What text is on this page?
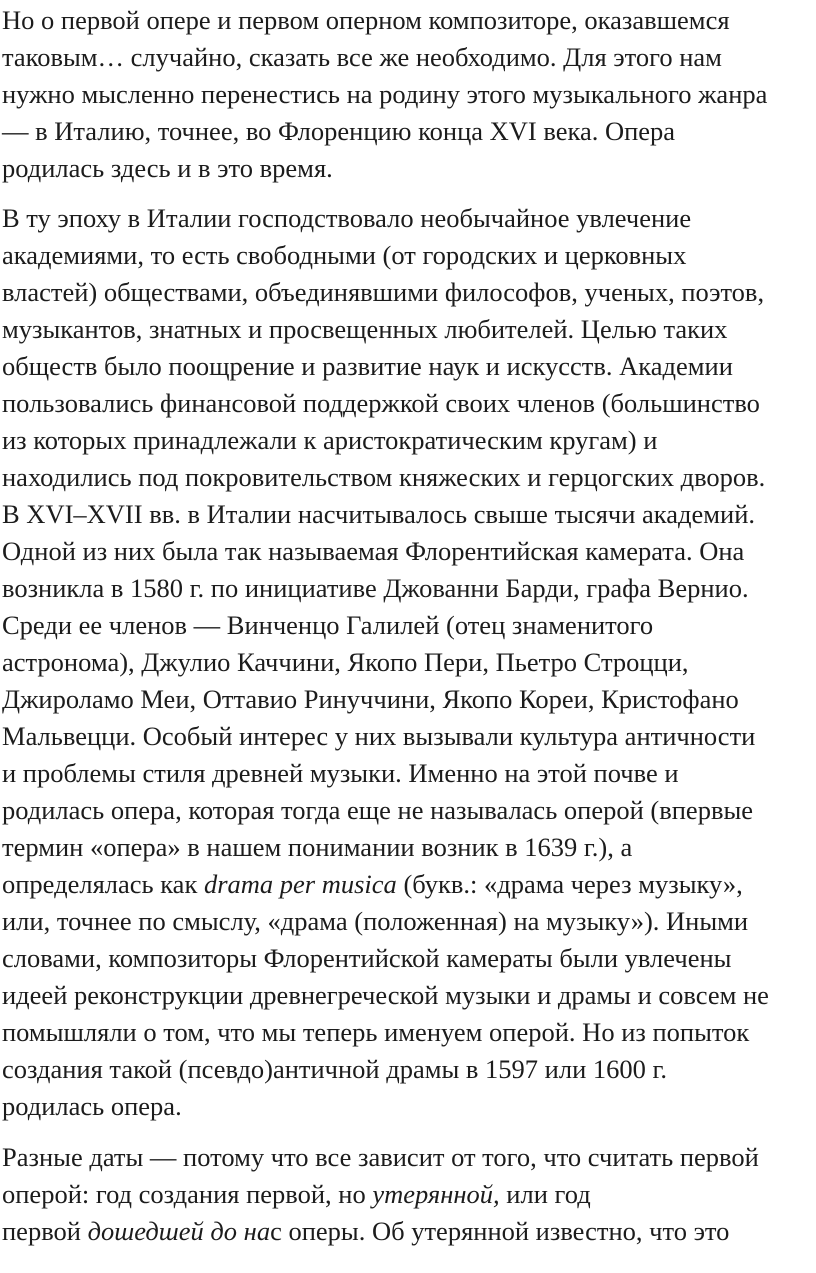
Но о первой опере и первом оперном композиторе, оказавшемся

таковым… случайно, сказать все же необходимо. Для этого нам

нужно мысленно перенестись на родину этого музыкального жанра

— в Италию, точнее, во Флоренцию конца XVI века. Опера

родилась здесь и в это время.

В ту эпоху в Италии господствовало необычайное увлечение

академиями, то есть свободными (от городских и церковных

властей) обществами, объединявшими философов, ученых, поэтов,

музыкантов, знатных и просвещенных любителей. Целью таких

обществ было поощрение и развитие наук и искусств. Академии

пользовались финансовой поддержкой своих членов (большинство

из которых принадлежали к аристократическим кругам) и

находились под покровительством княжеских и герцогских дворов.

В XVI–XVII вв. в Италии насчитывалось свыше тысячи академий.

Одной из них была так называемая Флорентийская камерата. Она

возникла в 1580 г. по инициативе Джованни Барди, графа Вернио.

Среди ее членов — Винченцо Галилей (отец знаменитого

астронома), Джулио Каччини, Якопо Пери, Пьетро Строцци,

Джироламо Меи, Оттавио Ринуччини, Якопо Кореи, Кристофано

Мальвецци. Особый интерес у них вызывали культура античности

и проблемы стиля древней музыки. Именно на этой почве и

родилась опера, которая тогда еще не называлась оперой (впервые

термин «опера» в нашем понимании возник в 1639 г.), а

определялась как drama per musica (букв.: «драма через музыку»,

или, точнее по смыслу, «драма (положенная) на музыку»). Иными

словами, композиторы Флорентийской камераты были увлечены

идеей реконструкции древнегреческой музыки и драмы и совсем не

помышляли о том, что мы теперь именуем оперой. Но из попыток

создания такой (псевдо)античной драмы в 1597 или 1600 г.

родилась опера.

Разные даты — потому что все зависит от того, что считать первой

оперой: год создания первой, но утерянной, или год

первой дошедшей до нас оперы. Об утерянной известно, что это
